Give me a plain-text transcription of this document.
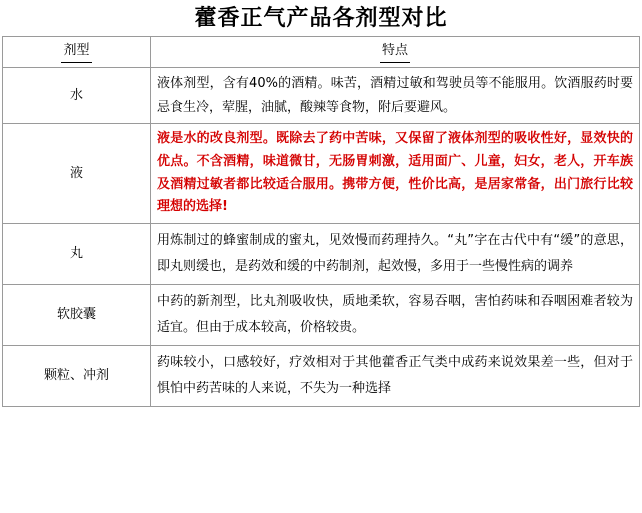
藿香正气产品各剂型对比
剂型	特点
水	液体剂型，含有40%的酒精。味苦，酒精过敏和驾驶员等不能服用。饮酒服药时要忌食生冷，荤腥，油腻，酸辣等食物，附后要避风。
液	液是水的改良剂型。既除去了药中苦味，又保留了液体剂型的吸收性好，显效快的优点。不含酒精，味道微甘，无肠胃刺激，适用面广、儿童，妇女，老人，开车族及酒精过敏者都比较适合服用。携带方便，性价比高，是居家常备，出门旅行比较理想的选择!
丸	用炼制过的蜂蜜制成的蜜丸，见效慢而药理持久。“丸”字在古代中有“缓”的意思，即丸则缓也，是药效和缓的中药制剂，起效慢，多用于一些慢性病的调养
软胶囊	中药的新剂型，比丸剂吸收快，质地柔软，容易吞咽，害怕药味和吞咽困难者较为适宜。但由于成本较高，价格较贵。
颗粒、冲剂	药味较小，口感较好，疗效相对于其他藿香正气类中成药来说效果差一些，但对于惧怕中药苦味的人来说，不失为一种选择
